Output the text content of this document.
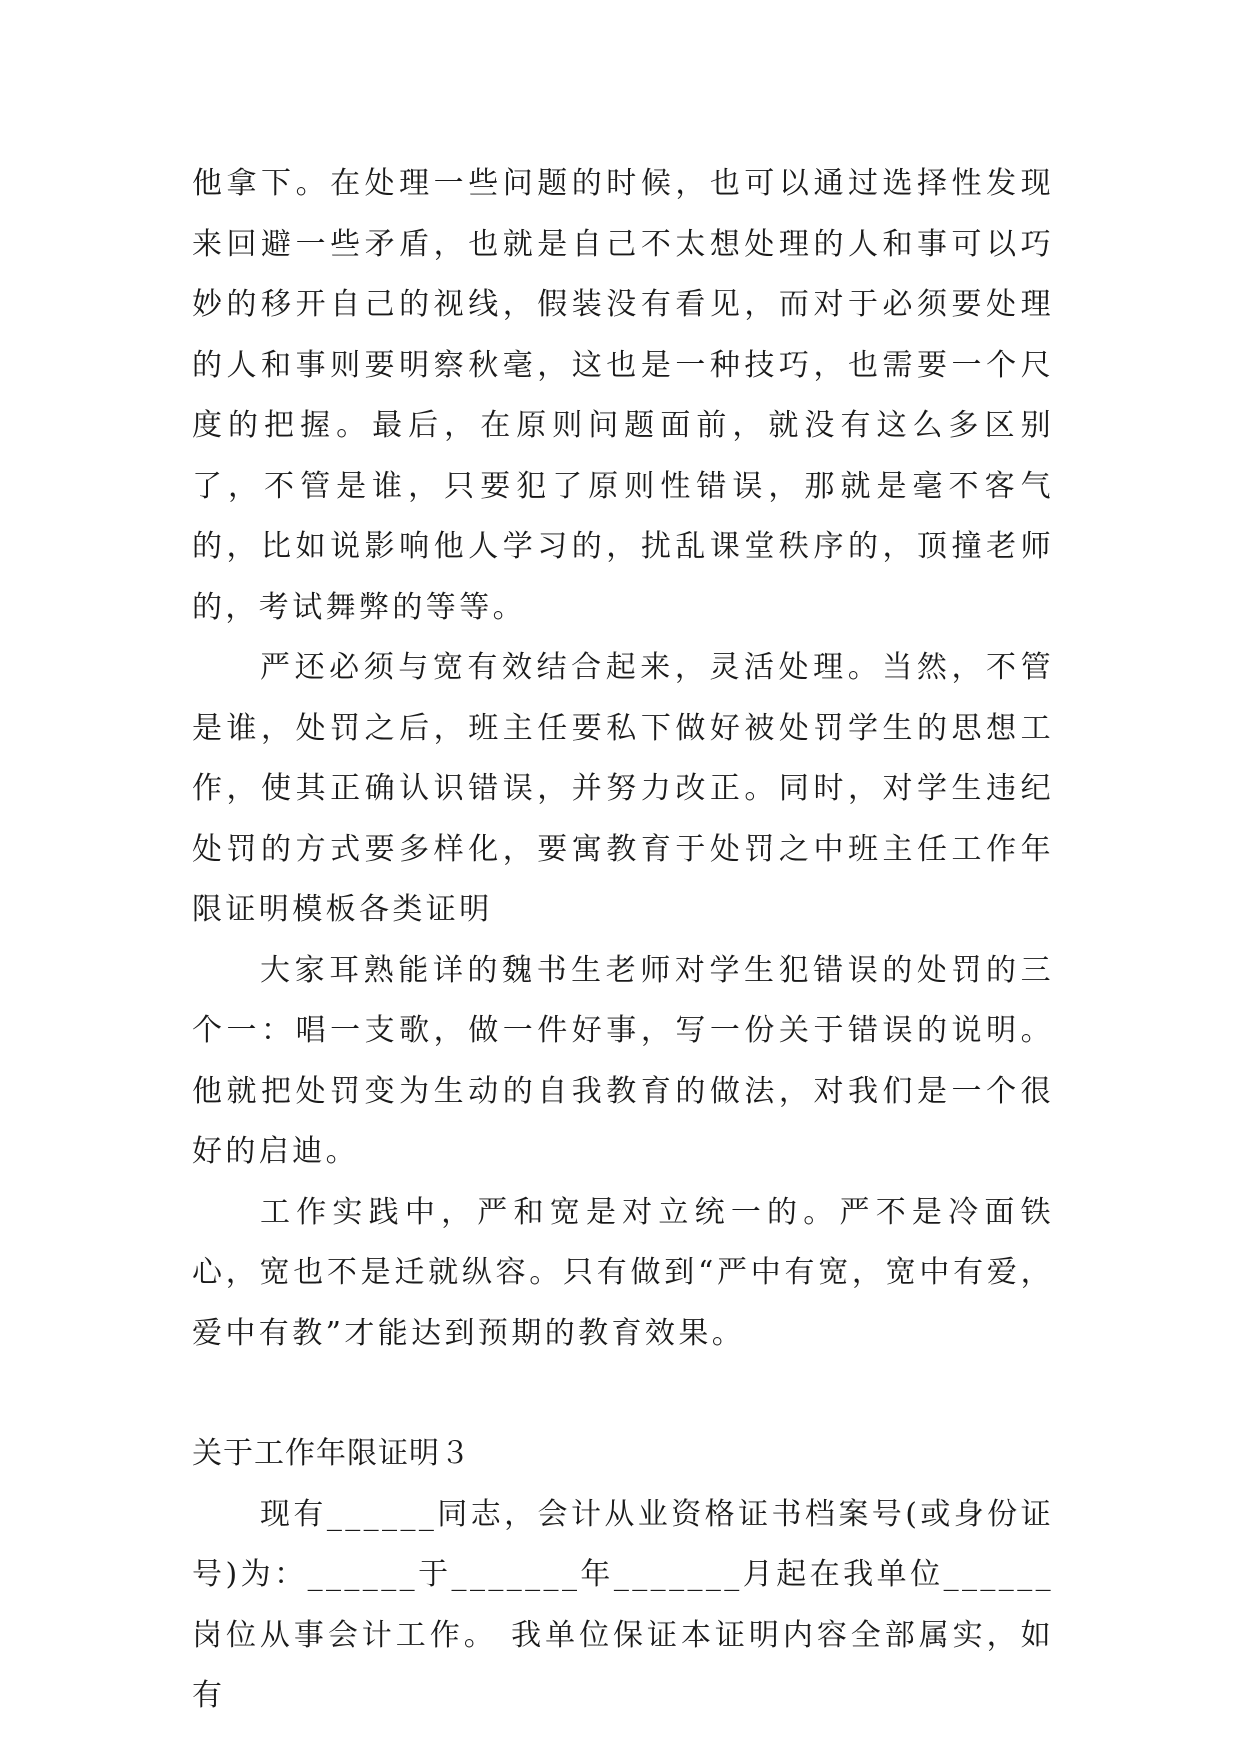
他拿下。在处理一些问题的时候，也可以通过选择性发现来回避一些矛盾，也就是自己不太想处理的人和事可以巧妙的移开自己的视线，假装没有看见，而对于必须要处理的人和事则要明察秋毫，这也是一种技巧，也需要一个尺度的把握。最后，在原则问题面前，就没有这么多区别了，不管是谁，只要犯了原则性错误，那就是毫不客气的，比如说影响他人学习的，扰乱课堂秩序的，顶撞老师的，考试舞弊的等等。

严还必须与宽有效结合起来，灵活处理。当然，不管是谁，处罚之后，班主任要私下做好被处罚学生的思想工作，使其正确认识错误，并努力改正。同时，对学生违纪处罚的方式要多样化，要寓教育于处罚之中班主任工作年限证明模板各类证明

大家耳熟能详的魏书生老师对学生犯错误的处罚的三个一：唱一支歌，做一件好事，写一份关于错误的说明。他就把处罚变为生动的自我教育的做法，对我们是一个很好的启迪。

工作实践中，严和宽是对立统一的。严不是冷面铁心，宽也不是迁就纵容。只有做到“严中有宽，宽中有爱，爱中有教”才能达到预期的教育效果。

关于工作年限证明３

现有______同志，会计从业资格证书档案号(或身份证号)为：______于_______年_______月起在我单位______岗位从事会计工作。 我单位保证本证明内容全部属实，如有
